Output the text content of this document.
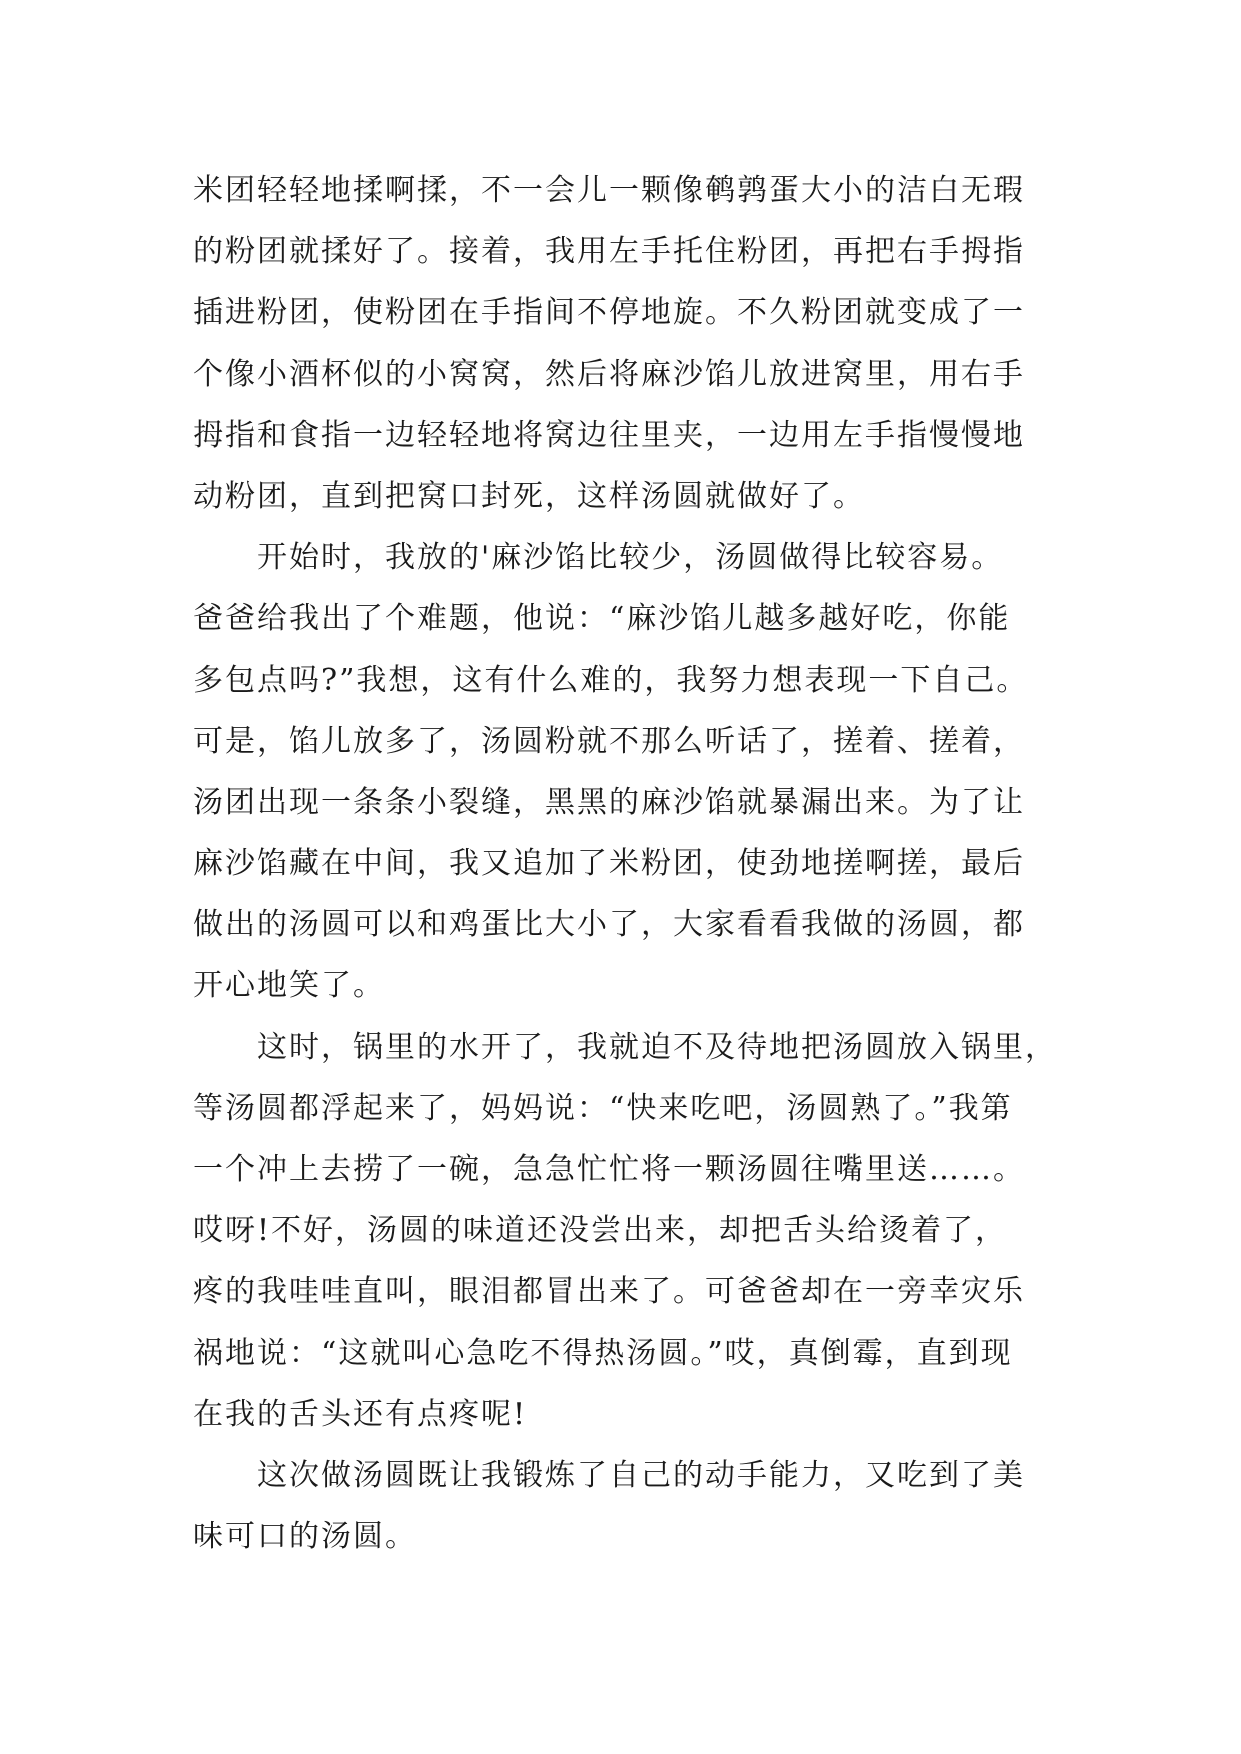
米团轻轻地揉啊揉，不一会儿一颗像鹌鹑蛋大小的洁白无瑕
的粉团就揉好了。接着，我用左手托住粉团，再把右手拇指
插进粉团，使粉团在手指间不停地旋。不久粉团就变成了一
个像小酒杯似的小窝窝，然后将麻沙馅儿放进窝里，用右手
拇指和食指一边轻轻地将窝边往里夹，一边用左手指慢慢地
动粉团，直到把窝口封死，这样汤圆就做好了。
开始时，我放的'麻沙馅比较少，汤圆做得比较容易。
爸爸给我出了个难题，他说：“麻沙馅儿越多越好吃，你能
多包点吗?”我想，这有什么难的，我努力想表现一下自己。
可是，馅儿放多了，汤圆粉就不那么听话了，搓着、搓着，
汤团出现一条条小裂缝，黑黑的麻沙馅就暴漏出来。为了让
麻沙馅藏在中间，我又追加了米粉团，使劲地搓啊搓，最后
做出的汤圆可以和鸡蛋比大小了，大家看看我做的汤圆，都
开心地笑了。
这时，锅里的水开了，我就迫不及待地把汤圆放入锅里，
等汤圆都浮起来了，妈妈说：“快来吃吧，汤圆熟了。”我第
一个冲上去捞了一碗，急急忙忙将一颗汤圆往嘴里送……。
哎呀!不好，汤圆的味道还没尝出来，却把舌头给烫着了，
疼的我哇哇直叫，眼泪都冒出来了。可爸爸却在一旁幸灾乐
祸地说：“这就叫心急吃不得热汤圆。”哎，真倒霉，直到现
在我的舌头还有点疼呢!
这次做汤圆既让我锻炼了自己的动手能力，又吃到了美
味可口的汤圆。
